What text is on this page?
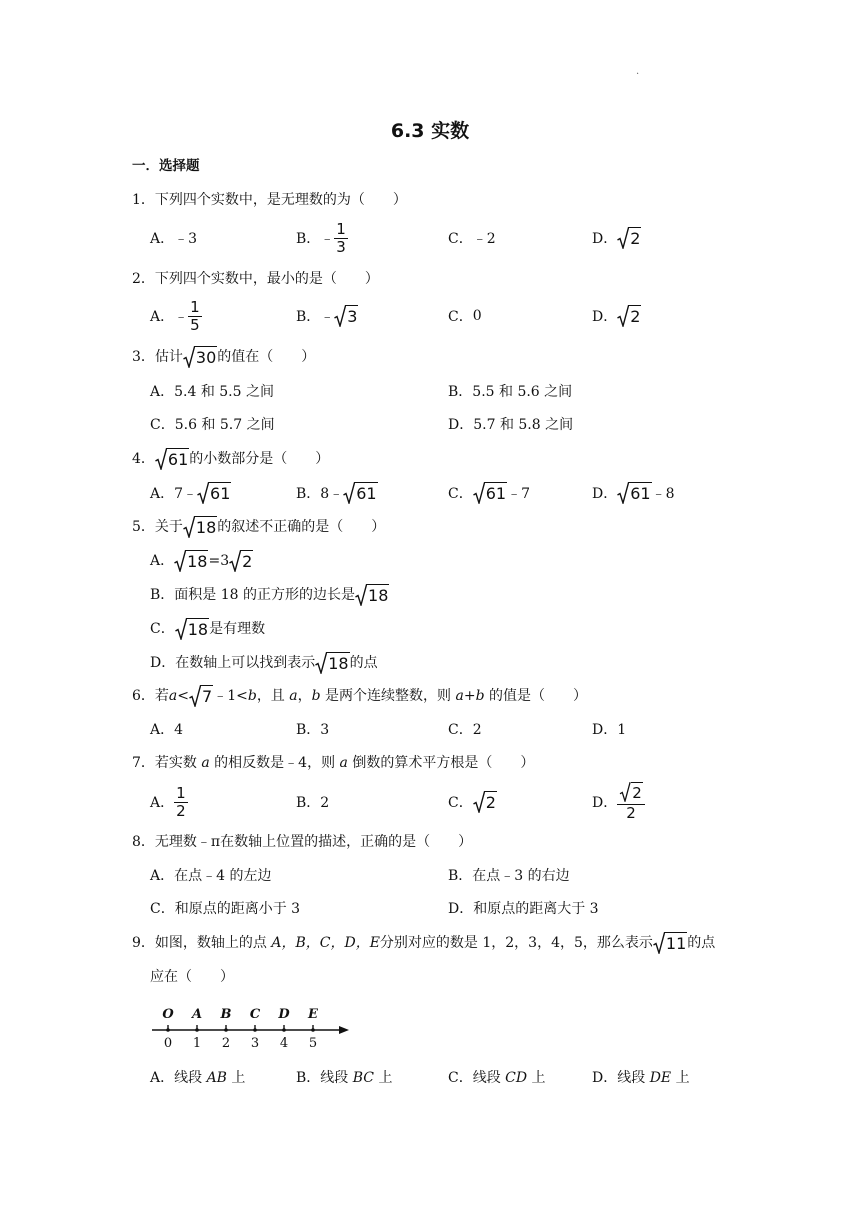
.
6.3 实数
一．选择题
1．下列四个实数中，是无理数的为（　　）
A． ﹣3	B． ﹣ $\frac{1}{3}$	C． ﹣2	D． 2
2．下列四个实数中，最小的是（　　）
A． ﹣ $\frac{1}{5}$	B． ﹣ 3	C． 0	D． 2
3．估计 30 的值在（　　）
A．5.4 和 5.5 之间	B．5.5 和 5.6 之间
C．5.6 和 5.7 之间	D．5.7 和 5.8 之间
4． 61 的小数部分是（　　）
A． 7﹣ 61	B． 8﹣ 61	C． 61 ﹣7	D． 61 ﹣8
5．关于 18 的叙述不正确的是（　　）
A． 18 =3 2
B．面积是 18 的正方形的边长是 18
C． 18 是有理数
D．在数轴上可以找到表示 18 的点
6．若 a < 7 ﹣1< b ，且 a ， b 是两个连续整数，则 a+b 的值是（　　）
A．4	B．3	C．2	D．1
7．若实数 a 的相反数是﹣4，则 a 倒数的算术平方根是（　　）
A． $\frac{1}{2}$	B．2	C． 2	D． $\frac{2}{2}$
8．无理数﹣π在数轴上位置的描述，正确的是（　　）
A．在点﹣4 的左边	B．在点﹣3 的右边
C．和原点的距离小于 3	D．和原点的距离大于 3
9．如图，数轴上的点 A，B，C，D，E 分别对应的数是 1，2，3，4，5，那么表示 11 的点
应在（　　）
O
0
A
1
B
2
C
3
D
4
E
5
A．线段 AB 上	B．线段 BC 上	C．线段 CD 上	D．线段 DE 上
